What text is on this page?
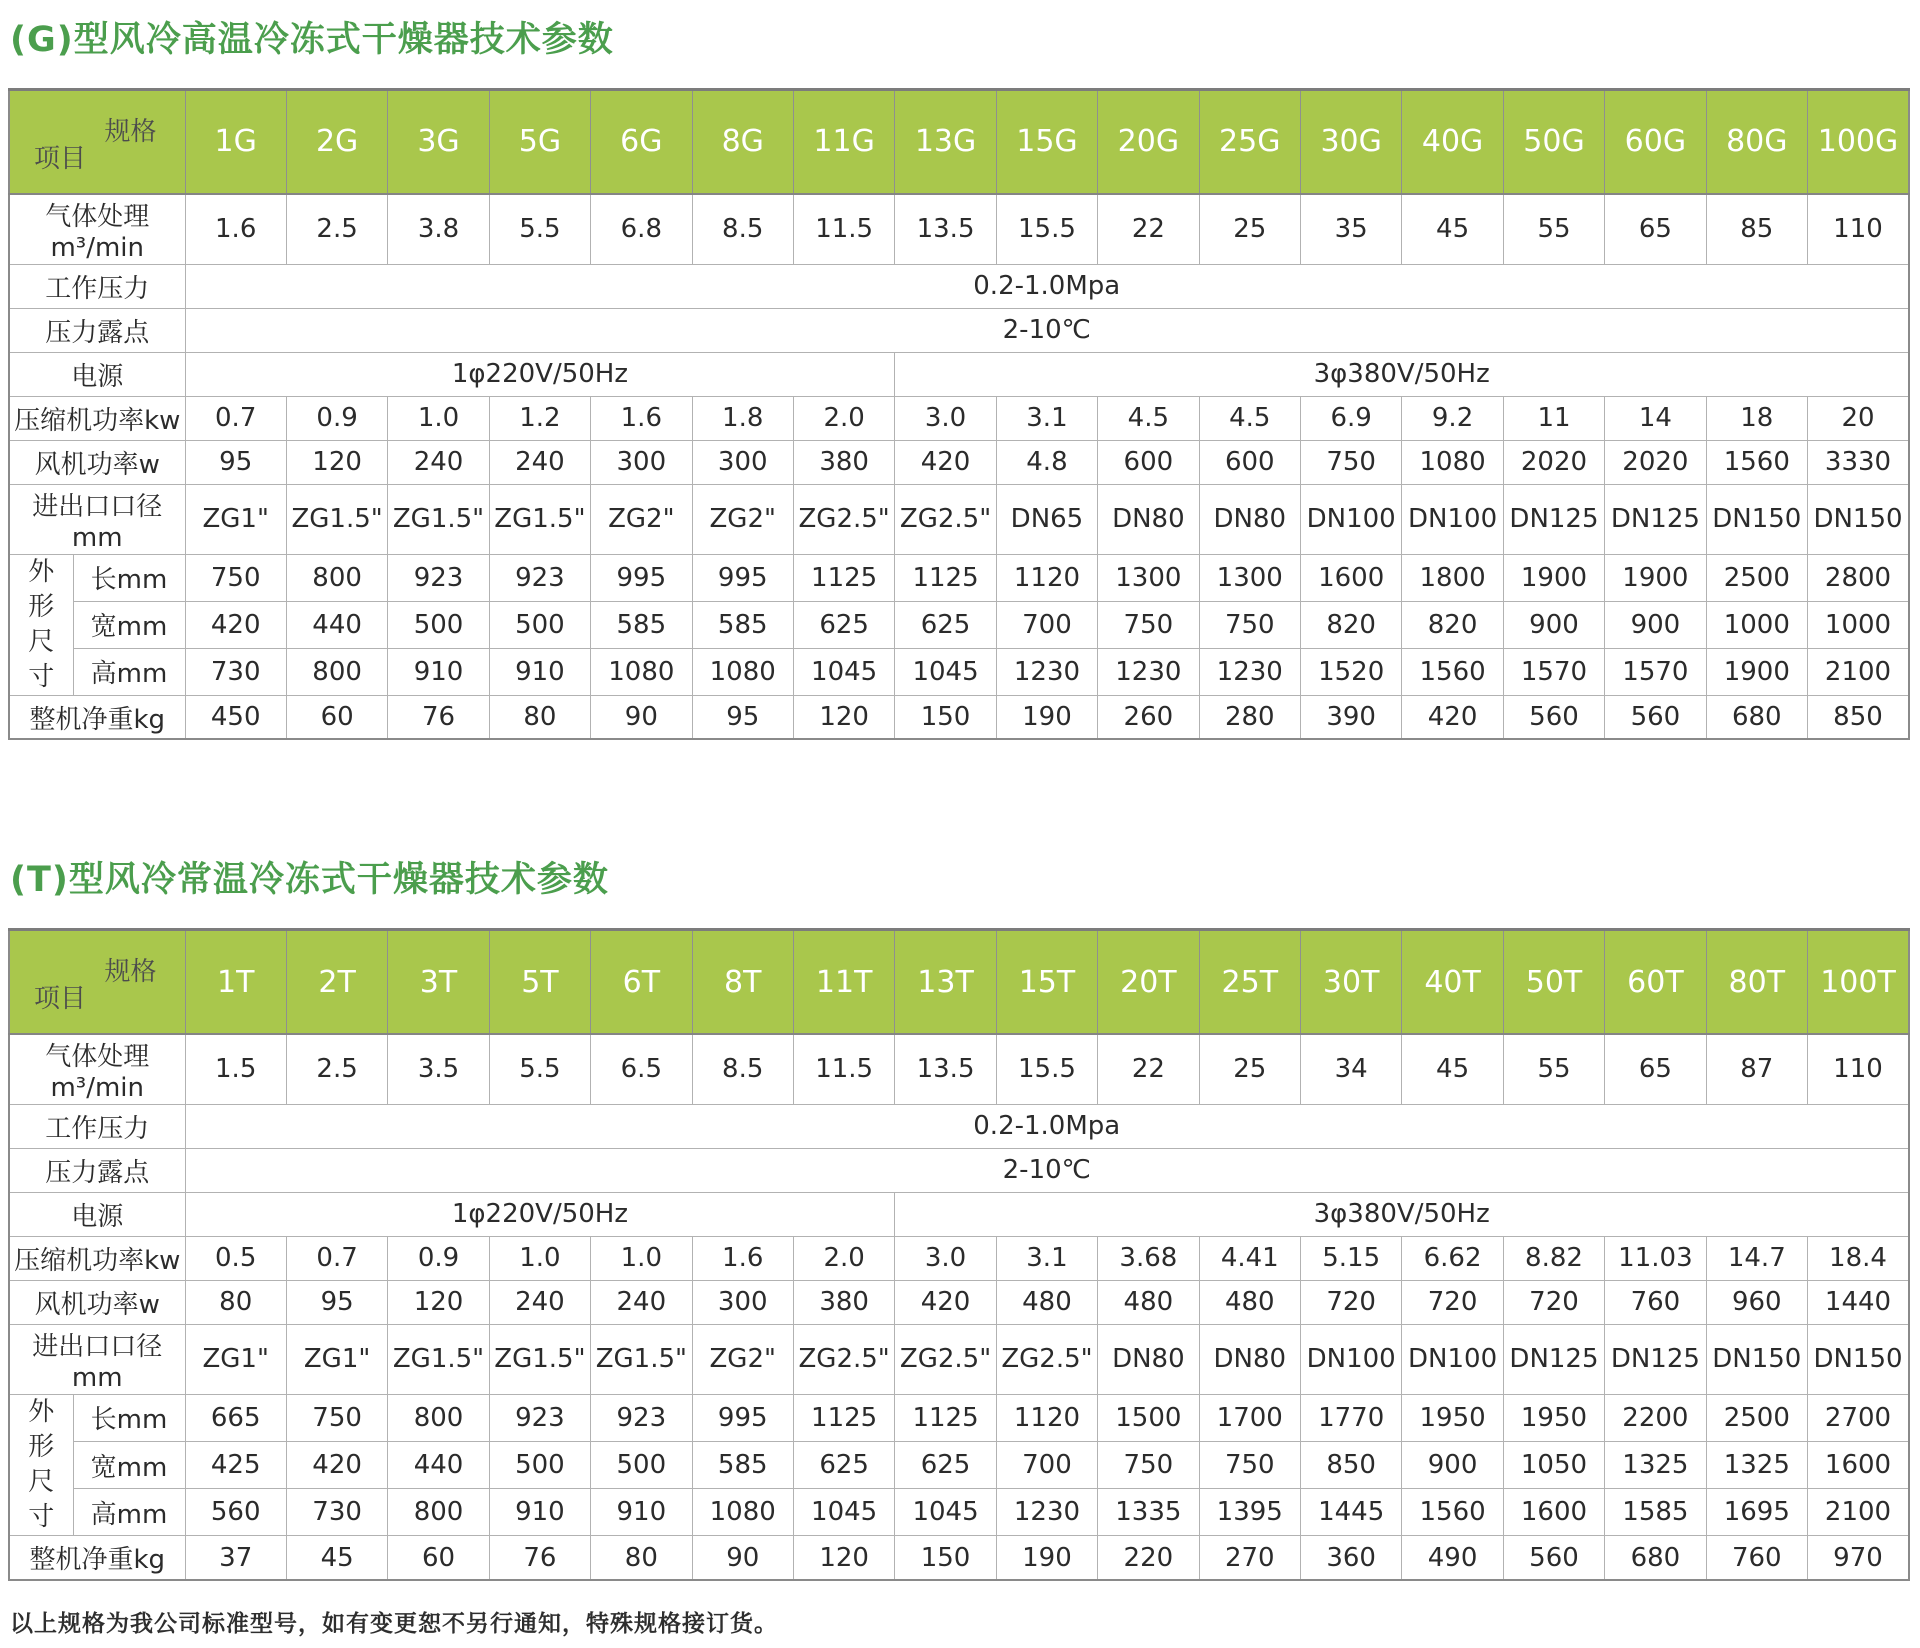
(G)型风冷高温冷冻式干燥器技术参数
规格
项目		1G	2G	3G	5G	6G	8G	11G	13G	15G	20G	25G	30G	40G	50G	60G	80G	100G
气体处理m³/min		1.6	2.5	3.8	5.5	6.8	8.5	11.5	13.5	15.5	22	25	35	45	55	65	85	110
工作压力		0.2-1.0Mpa																
压力露点		2-10℃																
电源		1φ220V/50Hz							3φ380V/50Hz									
压缩机功率kw		0.7	0.9	1.0	1.2	1.6	1.8	2.0	3.0	3.1	4.5	4.5	6.9	9.2	11	14	18	20
风机功率w		95	120	240	240	300	300	380	420	4.8	600	600	750	1080	2020	2020	1560	3330
进出口口径mm		ZG1"	ZG1.5"	ZG1.5"	ZG1.5"	ZG2"	ZG2"	ZG2.5"	ZG2.5"	DN65	DN80	DN80	DN100	DN100	DN125	DN125	DN150	DN150
外形尺寸	长mm	750	800	923	923	995	995	1125	1125	1120	1300	1300	1600	1800	1900	1900	2500	2800
	宽mm	420	440	500	500	585	585	625	625	700	750	750	820	820	900	900	1000	1000
	高mm	730	800	910	910	1080	1080	1045	1045	1230	1230	1230	1520	1560	1570	1570	1900	2100
整机净重kg		450	60	76	80	90	95	120	150	190	260	280	390	420	560	560	680	850
(T)型风冷常温冷冻式干燥器技术参数
规格
项目		1T	2T	3T	5T	6T	8T	11T	13T	15T	20T	25T	30T	40T	50T	60T	80T	100T
气体处理m³/min		1.5	2.5	3.5	5.5	6.5	8.5	11.5	13.5	15.5	22	25	34	45	55	65	87	110
工作压力		0.2-1.0Mpa																
压力露点		2-10℃																
电源		1φ220V/50Hz							3φ380V/50Hz									
压缩机功率kw		0.5	0.7	0.9	1.0	1.0	1.6	2.0	3.0	3.1	3.68	4.41	5.15	6.62	8.82	11.03	14.7	18.4
风机功率w		80	95	120	240	240	300	380	420	480	480	480	720	720	720	760	960	1440
进出口口径mm		ZG1"	ZG1"	ZG1.5"	ZG1.5"	ZG1.5"	ZG2"	ZG2.5"	ZG2.5"	ZG2.5"	DN80	DN80	DN100	DN100	DN125	DN125	DN150	DN150
外形尺寸	长mm	665	750	800	923	923	995	1125	1125	1120	1500	1700	1770	1950	1950	2200	2500	2700
	宽mm	425	420	440	500	500	585	625	625	700	750	750	850	900	1050	1325	1325	1600
	高mm	560	730	800	910	910	1080	1045	1045	1230	1335	1395	1445	1560	1600	1585	1695	2100
整机净重kg		37	45	60	76	80	90	120	150	190	220	270	360	490	560	680	760	970

以上规格为我公司标准型号，如有变更恕不另行通知，特殊规格接订货。
